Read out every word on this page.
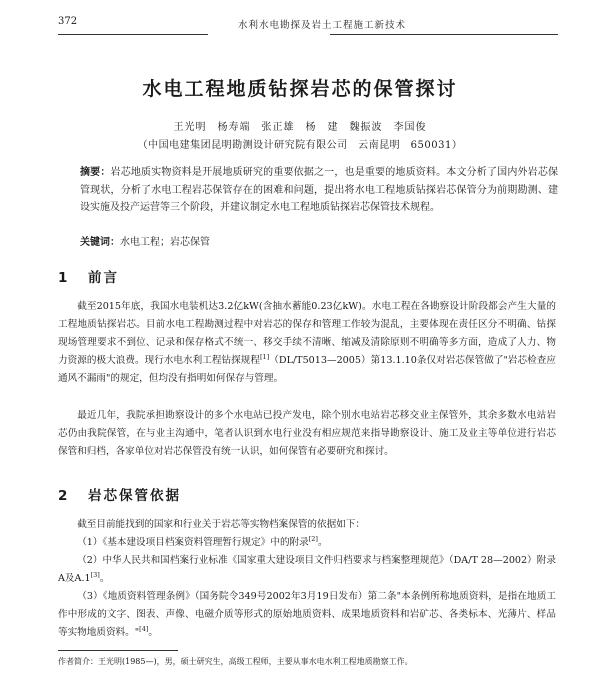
372	水利水电勘探及岩土工程施工新技术
水电工程地质钻探岩芯的保管探讨
王光明　杨寿端　张正雄　杨　建　魏振波　李国俊
（中国电建集团昆明勘测设计研究院有限公司　云南昆明　650031）
摘要：岩芯地质实物资料是开展地质研究的重要依据之一，也是重要的地质资料。本文分析了国内外岩芯保管现状，分析了水电工程岩芯保管存在的困难和问题，提出将水电工程地质钻探岩芯保管分为前期勘测、建设实施及投产运营等三个阶段，并建议制定水电工程地质钻探岩芯保管技术规程。
关键词：水电工程；岩芯保管
1 前言

截至2015年底，我国水电装机达3.2亿kW(含抽水蓄能0.23亿kW)。水电工程在各勘察设计阶段都会产生大量的工程地质钻探岩芯。目前水电工程勘测过程中对岩芯的保存和管理工作较为混乱，主要体现在责任区分不明确、钻探现场管理要求不到位、记录和保存格式不统一、移交手续不清晰、缩减及清除原则不明确等多方面，造成了人力、物力资源的极大浪费。现行水电水利工程钻探规程[1]（DL/T5013—2005）第13.1.10条仅对岩芯保管做了"岩芯检查应通风不漏雨"的规定，但均没有指明如何保存与管理。

最近几年，我院承担勘察设计的多个水电站已投产发电，除个别水电站岩芯移交业主保管外，其余多数水电站岩芯仍由我院保管，在与业主沟通中，笔者认识到水电行业没有相应规范来指导勘察设计、施工及业主等单位进行岩芯保管和归档，各家单位对岩芯保管没有统一认识，如何保管有必要研究和探讨。

2 岩芯保管依据

截至目前能找到的国家和行业关于岩芯等实物档案保管的依据如下：

（1）《基本建设项目档案资料管理暂行规定》中的附录[2]。

（2）中华人民共和国档案行业标准《国家重大建设项目文件归档要求与档案整理规范》（DA/T 28—2002）附录A及A.1[3]。

（3）《地质资料管理条例》（国务院令349号2002年3月19日发布）第二条"本条例所称地质资料，是指在地质工作中形成的文字、图表、声像、电磁介质等形式的原始地质资料、成果地质资料和岩矿芯、各类标本、光薄片、样品等实物地质资料。"[4]。

作者简介：王光明(1985—)，男，硕士研究生，高级工程师，主要从事水电水利工程地质勘察工作。
